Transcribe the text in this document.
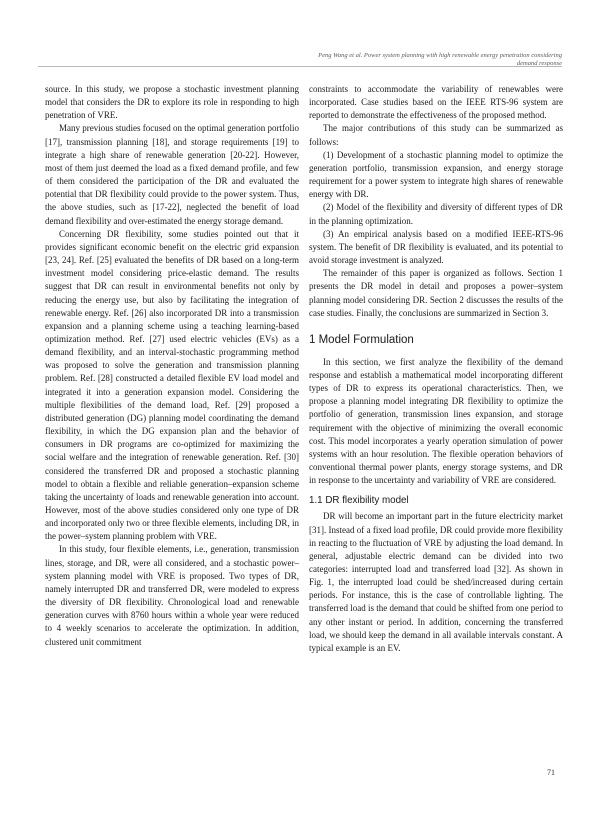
Peng Wang et al. Power system planning with high renewable energy penetration considering demand response

source. In this study, we propose a stochastic investment planning model that considers the DR to explore its role in responding to high penetration of VRE.

Many previous studies focused on the optimal generation portfolio [17], transmission planning [18], and storage requirements [19] to integrate a high share of renewable generation [20-22]. However, most of them just deemed the load as a fixed demand profile, and few of them considered the participation of the DR and evaluated the potential that DR flexibility could provide to the power system. Thus, the above studies, such as [17-22], neglected the benefit of load demand flexibility and over-estimated the energy storage demand.

Concerning DR flexibility, some studies pointed out that it provides significant economic benefit on the electric grid expansion [23, 24]. Ref. [25] evaluated the benefits of DR based on a long-term investment model considering price-elastic demand. The results suggest that DR can result in environmental benefits not only by reducing the energy use, but also by facilitating the integration of renewable energy. Ref. [26] also incorporated DR into a transmission expansion and a planning scheme using a teaching learning-based optimization method. Ref. [27] used electric vehicles (EVs) as a demand flexibility, and an interval-stochastic programming method was proposed to solve the generation and transmission planning problem. Ref. [28] constructed a detailed flexible EV load model and integrated it into a generation expansion model. Considering the multiple flexibilities of the demand load, Ref. [29] proposed a distributed generation (DG) planning model coordinating the demand flexibility, in which the DG expansion plan and the behavior of consumers in DR programs are co-optimized for maximizing the social welfare and the integration of renewable generation. Ref. [30] considered the transferred DR and proposed a stochastic planning model to obtain a flexible and reliable generation–expansion scheme taking the uncertainty of loads and renewable generation into account. However, most of the above studies considered only one type of DR and incorporated only two or three flexible elements, including DR, in the power–system planning problem with VRE.

In this study, four flexible elements, i.e., generation, transmission lines, storage, and DR, were all considered, and a stochastic power–system planning model with VRE is proposed. Two types of DR, namely interrupted DR and transferred DR, were modeled to express the diversity of DR flexibility. Chronological load and renewable generation curves with 8760 hours within a whole year were reduced to 4 weekly scenarios to accelerate the optimization. In addition, clustered unit commitment

constraints to accommodate the variability of renewables were incorporated. Case studies based on the IEEE RTS-96 system are reported to demonstrate the effectiveness of the proposed method.

The major contributions of this study can be summarized as follows:

(1) Development of a stochastic planning model to optimize the generation portfolio, transmission expansion, and energy storage requirement for a power system to integrate high shares of renewable energy with DR.

(2) Model of the flexibility and diversity of different types of DR in the planning optimization.

(3) An empirical analysis based on a modified IEEE-RTS-96 system. The benefit of DR flexibility is evaluated, and its potential to avoid storage investment is analyzed.

The remainder of this paper is organized as follows. Section 1 presents the DR model in detail and proposes a power–system planning model considering DR. Section 2 discusses the results of the case studies. Finally, the conclusions are summarized in Section 3.

1 Model Formulation

In this section, we first analyze the flexibility of the demand response and establish a mathematical model incorporating different types of DR to express its operational characteristics. Then, we propose a planning model integrating DR flexibility to optimize the portfolio of generation, transmission lines expansion, and storage requirement with the objective of minimizing the overall economic cost. This model incorporates a yearly operation simulation of power systems with an hour resolution. The flexible operation behaviors of conventional thermal power plants, energy storage systems, and DR in response to the uncertainty and variability of VRE are considered.

1.1 DR flexibility model

DR will become an important part in the future electricity market [31]. Instead of a fixed load profile, DR could provide more flexibility in reacting to the fluctuation of VRE by adjusting the load demand. In general, adjustable electric demand can be divided into two categories: interrupted load and transferred load [32]. As shown in Fig. 1, the interrupted load could be shed/increased during certain periods. For instance, this is the case of controllable lighting. The transferred load is the demand that could be shifted from one period to any other instant or period. In addition, concerning the transferred load, we should keep the demand in all available intervals constant. A typical example is an EV.

71
